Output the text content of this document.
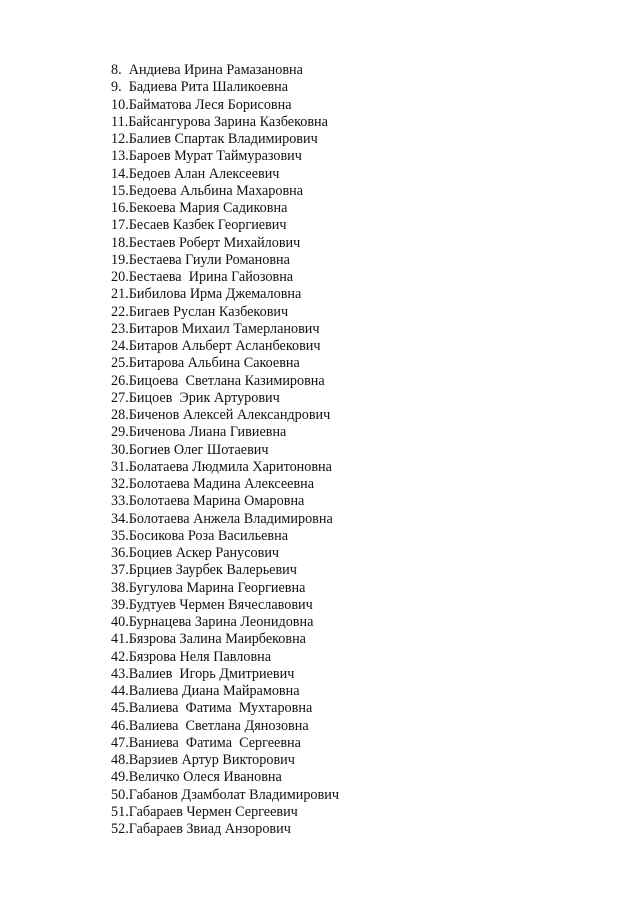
8.  Андиева Ирина Рамазановна
9.  Бадиева Рита Шаликоевна
10.Байматова Леся Борисовна
11.Байсангурова Зарина Казбековна
12.Балиев Спартак Владимирович
13.Бароев Мурат Таймуразович
14.Бедоев Алан Алексеевич
15.Бедоева Альбина Махаровна
16.Бекоева Мария Садиковна
17.Бесаев Казбек Георгиевич
18.Бестаев Роберт Михайлович
19.Бестаева Гиули Романовна
20.Бестаева  Ирина Гайозовна
21.Бибилова Ирма Джемаловна
22.Бигаев Руслан Казбекович
23.Битаров Михаил Тамерланович
24.Битаров Альберт Асланбекович
25.Битарова Альбина Сакоевна
26.Бицоева  Светлана Казимировна
27.Бицоев  Эрик Артурович
28.Биченов Алексей Александрович
29.Биченова Лиана Гивиевна
30.Богиев Олег Шотаевич
31.Болатаева Людмила Харитоновна
32.Болотаева Мадина Алексеевна
33.Болотаева Марина Омаровна
34.Болотаева Анжела Владимировна
35.Босикова Роза Васильевна
36.Боциев Аскер Ранусович
37.Брциев Заурбек Валерьевич
38.Бугулова Марина Георгиевна
39.Будтуев Чермен Вячеславович
40.Бурнацева Зарина Леонидовна
41.Бязрова Залина Маирбековна
42.Бязрова Неля Павловна
43.Валиев  Игорь Дмитриевич
44.Валиева Диана Майрамовна
45.Валиева  Фатима  Мухтаровна
46.Валиева  Светлана Дянозовна
47.Ваниева  Фатима  Сергеевна
48.Варзиев Артур Викторович
49.Величко Олеся Ивановна
50.Габанов Дзамболат Владимирович
51.Габараев Чермен Сергеевич
52.Габараев Звиад Анзорович
